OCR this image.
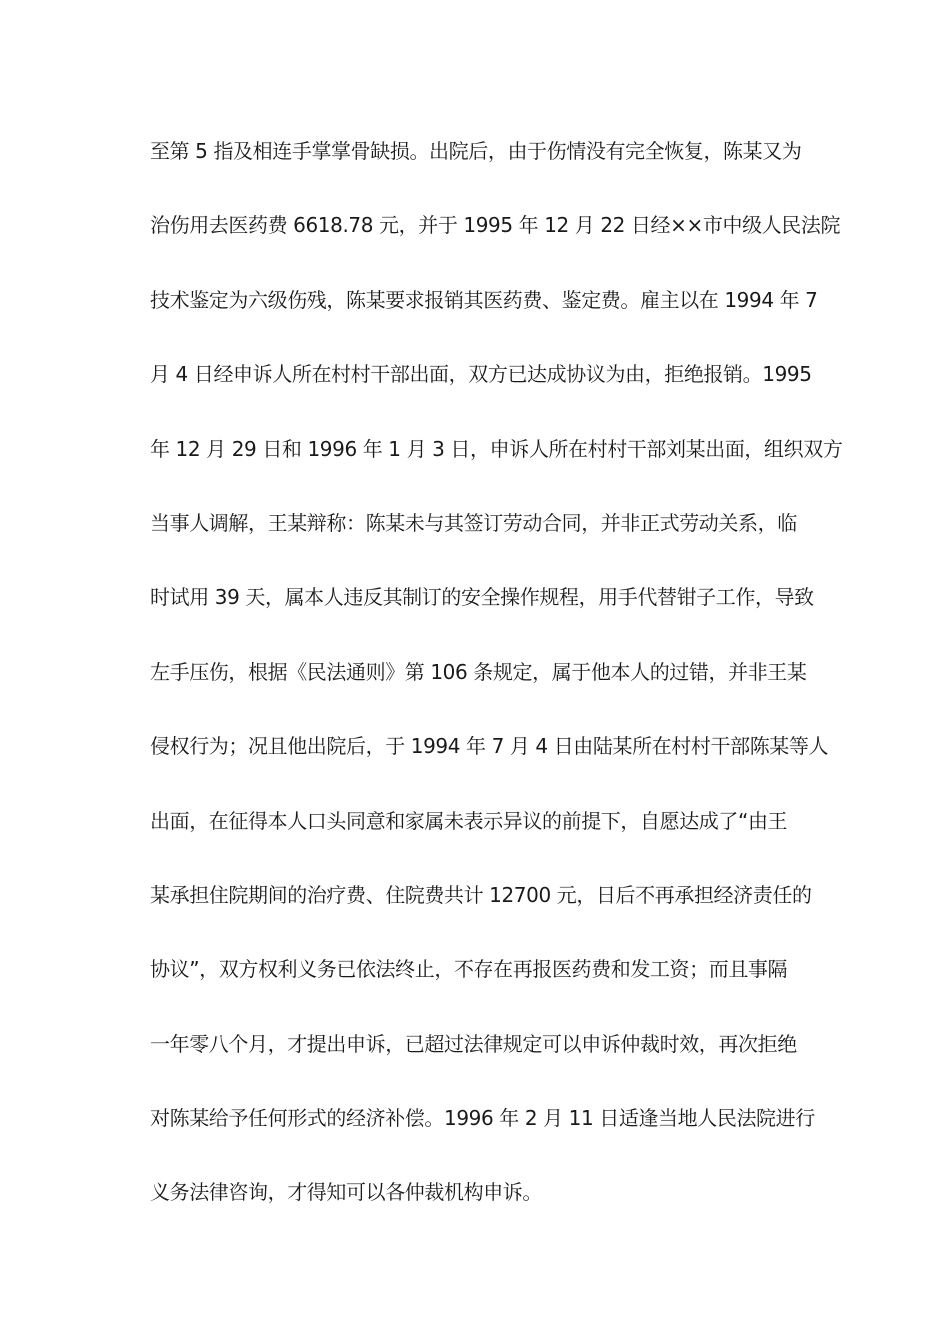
至第 5 指及相连手掌掌骨缺损。出院后，由于伤情没有完全恢复，陈某又为
治伤用去医药费 6618.78 元，并于 1995 年 12 月 22 日经××市中级人民法院
技术鉴定为六级伤残，陈某要求报销其医药费、鉴定费。雇主以在 1994 年 7
月 4 日经申诉人所在村村干部出面，双方已达成协议为由，拒绝报销。1995
年 12 月 29 日和 1996 年 1 月 3 日，申诉人所在村村干部刘某出面，组织双方
当事人调解，王某辩称：陈某未与其签订劳动合同，并非正式劳动关系，临
时试用 39 天，属本人违反其制订的安全操作规程，用手代替钳子工作，导致
左手压伤，根据《民法通则》第 106 条规定，属于他本人的过错，并非王某
侵权行为；况且他出院后，于 1994 年 7 月 4 日由陆某所在村村干部陈某等人
出面，在征得本人口头同意和家属未表示异议的前提下，自愿达成了“由王
某承担住院期间的治疗费、住院费共计 12700 元，日后不再承担经济责任的
协议”，双方权利义务已依法终止，不存在再报医药费和发工资；而且事隔
一年零八个月，才提出申诉，已超过法律规定可以申诉仲裁时效，再次拒绝
对陈某给予任何形式的经济补偿。1996 年 2 月 11 日适逢当地人民法院进行
义务法律咨询，才得知可以各仲裁机构申诉。
